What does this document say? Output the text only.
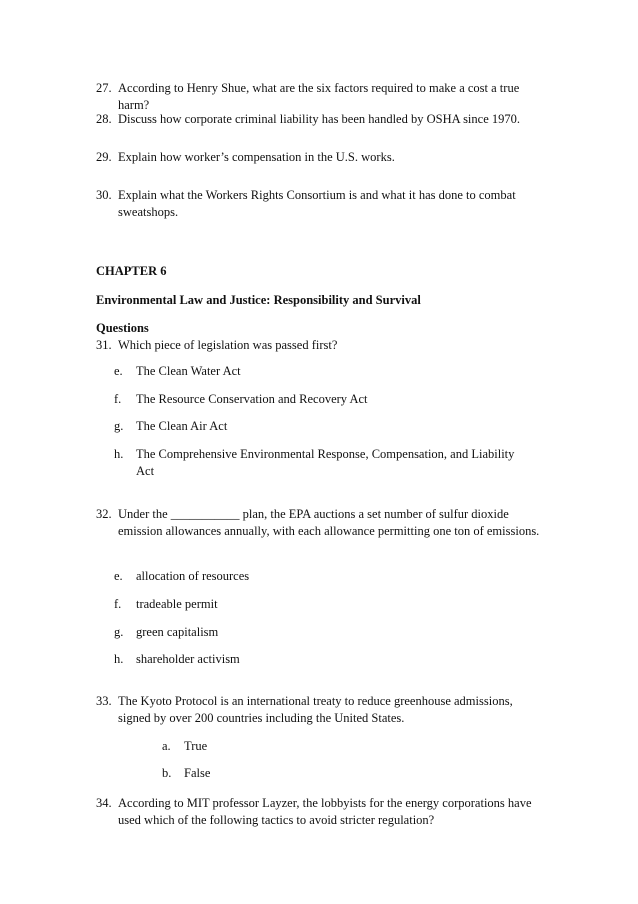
27. According to Henry Shue, what are the six factors required to make a cost a true harm?
28. Discuss how corporate criminal liability has been handled by OSHA since 1970.
29. Explain how worker’s compensation in the U.S. works.
30. Explain what the Workers Rights Consortium is and what it has done to combat sweatshops.
CHAPTER 6
Environmental Law and Justice: Responsibility and Survival
Questions
31. Which piece of legislation was passed first?
e. The Clean Water Act
f. The Resource Conservation and Recovery Act
g. The Clean Air Act
h. The Comprehensive Environmental Response, Compensation, and Liability Act
32. Under the ___________ plan, the EPA auctions a set number of sulfur dioxide emission allowances annually, with each allowance permitting one ton of emissions.
e. allocation of resources
f. tradeable permit
g. green capitalism
h. shareholder activism
33. The Kyoto Protocol is an international treaty to reduce greenhouse admissions, signed by over 200 countries including the United States.
a. True
b. False
34. According to MIT professor Layzer, the lobbyists for the energy corporations have used which of the following tactics to avoid stricter regulation?
